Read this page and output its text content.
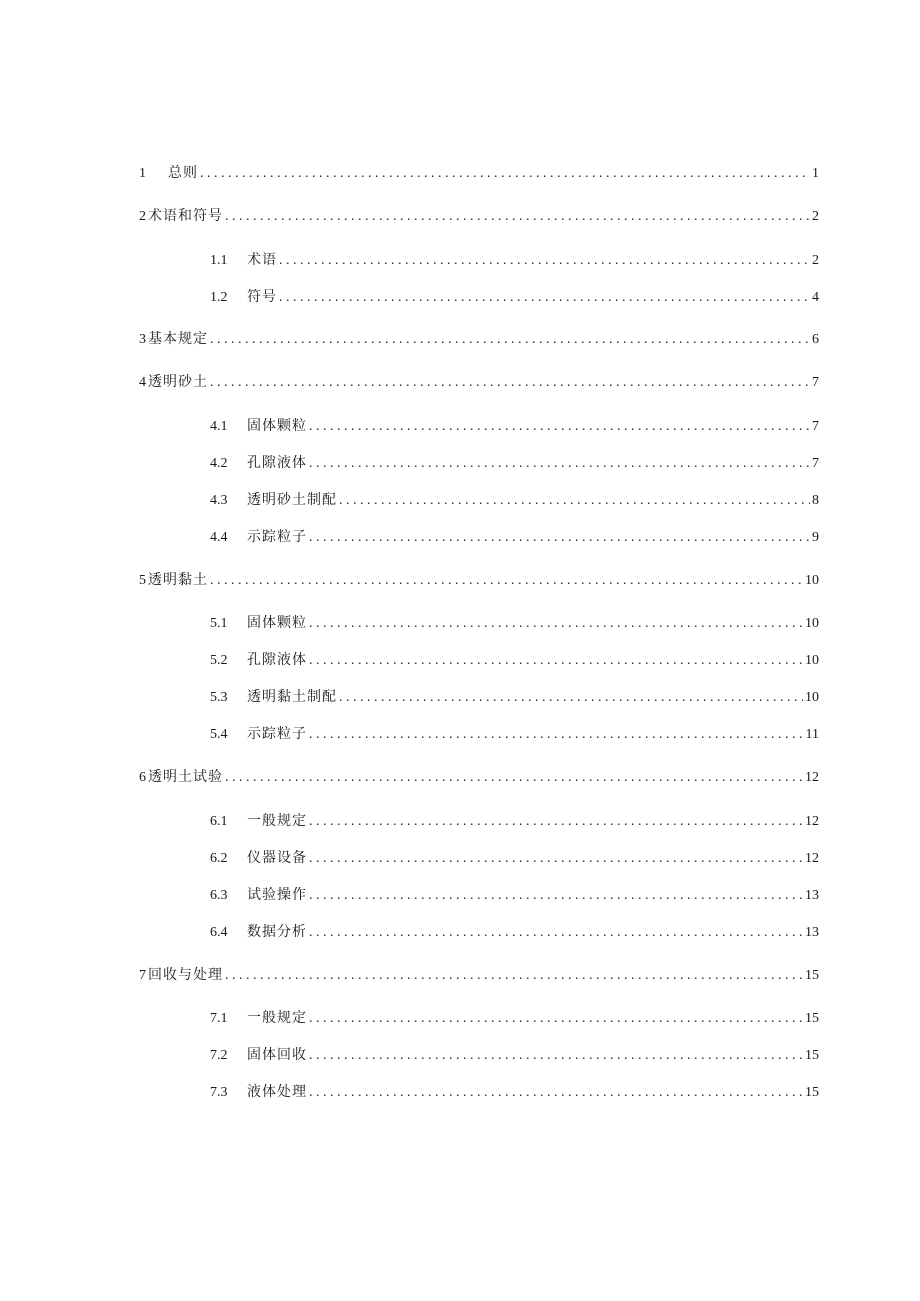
1 总则 . . .	1
2 术语和符号 . . .	2
1.1	术语 . . .	2
1.2	符号 . . .	4
3 基本规定 . . .	6
4 透明砂土 . . .	7
4.1	固体颗粒 . . .	7
4.2	孔隙液体 . . .	7
4.3	透明砂土制配 . . .	8
4.4	示踪粒子 . . .	9
5 透明黏土 . . .	10
5.1	固体颗粒 . . .	10
5.2	孔隙液体 . . .	10
5.3	透明黏土制配 . . .	10
5.4	示踪粒子 . . .	11
6 透明土试验 . . .	12
6.1	一般规定 . . .	12
6.2	仪器设备 . . .	12
6.3	试验操作 . . .	13
6.4	数据分析 . . .	13
7 回收与处理 . . .	15
7.1	一般规定 . . .	15
7.2	固体回收 . . .	15
7.3	液体处理 . . .	15
